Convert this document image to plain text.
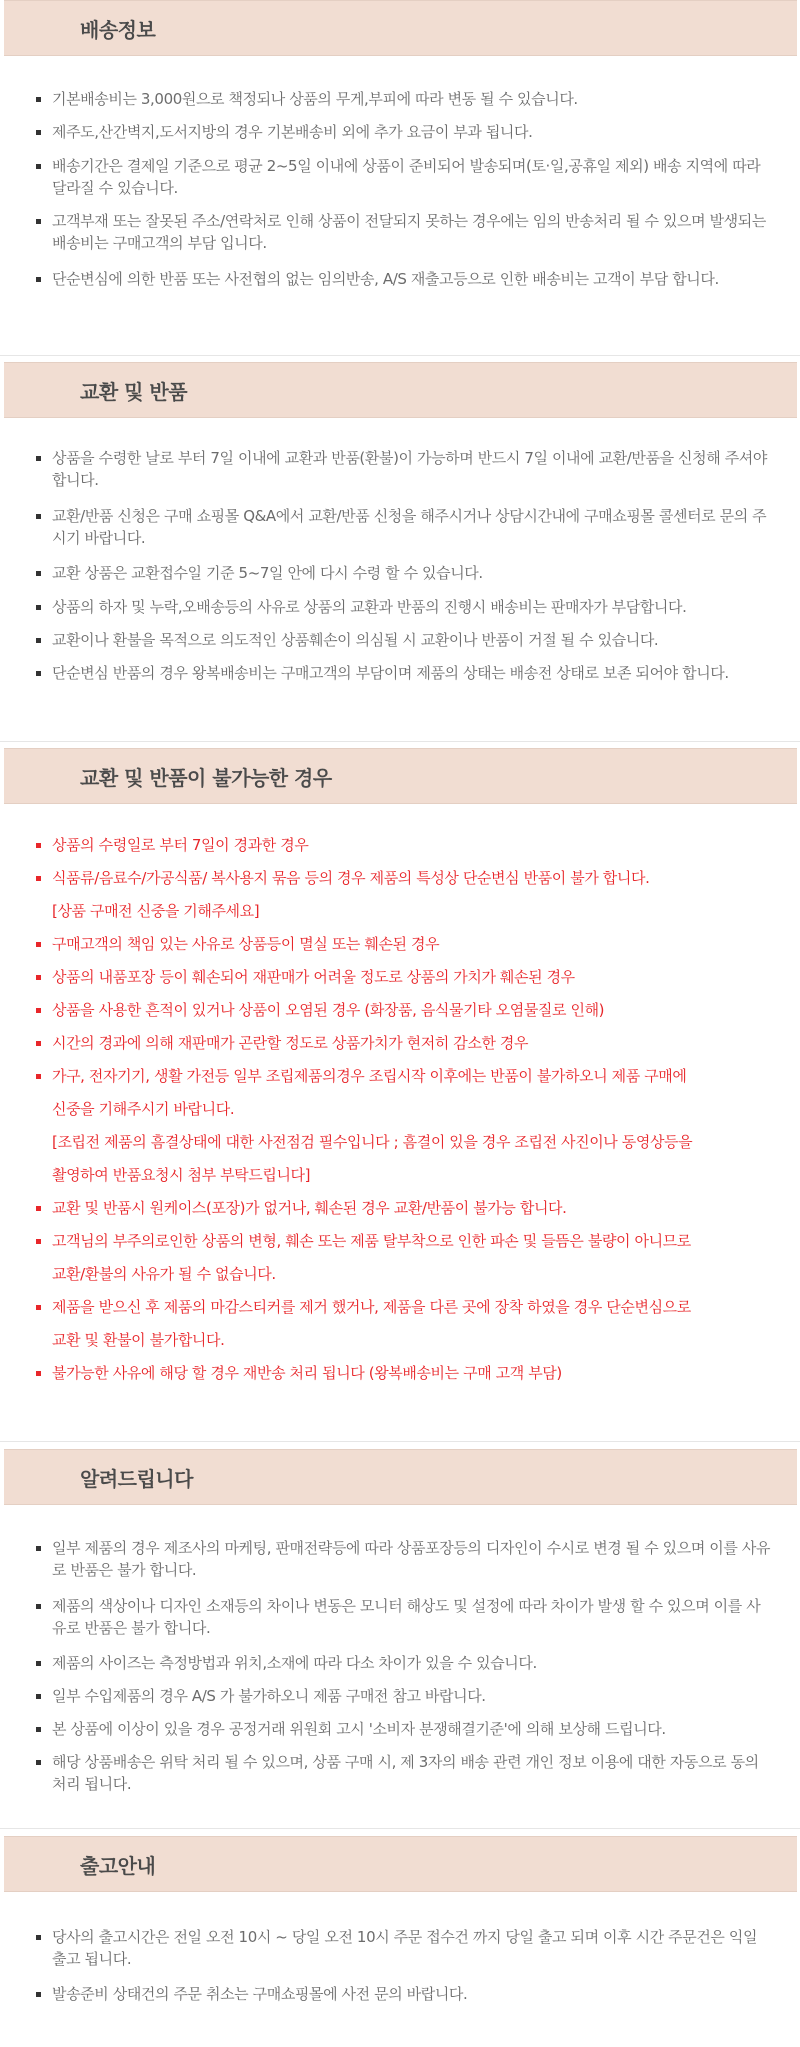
배송정보
기본배송비는 3,000원으로 책정되나 상품의 무게,부피에 따라 변동 될 수 있습니다.
제주도,산간벽지,도서지방의 경우 기본배송비 외에 추가 요금이 부과 됩니다.
배송기간은 결제일 기준으로 평균 2~5일 이내에 상품이 준비되어 발송되며(토·일,공휴일 제외) 배송 지역에 따라 달라질 수 있습니다.
고객부재 또는 잘못된 주소/연락처로 인해 상품이 전달되지 못하는 경우에는 임의 반송처리 될 수 있으며 발생되는 배송비는 구매고객의 부담 입니다.
단순변심에 의한 반품 또는 사전협의 없는 임의반송, A/S 재출고등으로 인한 배송비는 고객이 부담 합니다.
교환 및 반품
상품을 수령한 날로 부터 7일 이내에 교환과 반품(환불)이 가능하며 반드시 7일 이내에 교환/반품을 신청해 주셔야 합니다.
교환/반품 신청은 구매 쇼핑몰 Q&A에서 교환/반품 신청을 해주시거나 상담시간내에 구매쇼핑몰 콜센터로 문의 주시기 바랍니다.
교환 상품은 교환접수일 기준 5~7일 안에 다시 수령 할 수 있습니다.
상품의 하자 및 누락,오배송등의 사유로 상품의 교환과 반품의 진행시 배송비는 판매자가 부담합니다.
교환이나 환불을 목적으로 의도적인 상품훼손이 의심될 시 교환이나 반품이 거절 될 수 있습니다.
단순변심 반품의 경우 왕복배송비는 구매고객의 부담이며 제품의 상태는 배송전 상태로 보존 되어야 합니다.
교환 및 반품이 불가능한 경우
상품의 수령일로 부터 7일이 경과한 경우
식품류/음료수/가공식품/ 복사용지 묶음 등의 경우 제품의 특성상 단순변심 반품이 불가 합니다.
[상품 구매전 신중을 기해주세요]
구매고객의 책임 있는 사유로 상품등이 멸실 또는 훼손된 경우
상품의 내품포장 등이 훼손되어 재판매가 어려울 정도로 상품의 가치가 훼손된 경우
상품을 사용한 흔적이 있거나 상품이 오염된 경우 (화장품, 음식물기타 오염물질로 인해)
시간의 경과에 의해 재판매가 곤란할 정도로 상품가치가 현저히 감소한 경우
가구, 전자기기, 생활 가전등 일부 조립제품의경우 조립시작 이후에는 반품이 불가하오니 제품 구매에
신중을 기해주시기 바랍니다.
[조립전 제품의 흠결상태에 대한 사전점검 필수입니다 ; 흠결이 있을 경우 조립전 사진이나 동영상등을
촬영하여 반품요청시 첨부 부탁드립니다]
교환 및 반품시 원케이스(포장)가 없거나, 훼손된 경우 교환/반품이 불가능 합니다.
고객님의 부주의로인한 상품의 변형, 훼손 또는 제품 탈부착으로 인한 파손 및 들뜸은 불량이 아니므로
교환/환불의 사유가 될 수 없습니다.
제품을 받으신 후 제품의 마감스티커를 제거 했거나, 제품을 다른 곳에 장착 하였을 경우 단순변심으로
교환 및 환불이 불가합니다.
불가능한 사유에 해당 할 경우 재반송 처리 됩니다 (왕복배송비는 구매 고객 부담)
알려드립니다
일부 제품의 경우 제조사의 마케팅, 판매전략등에 따라 상품포장등의 디자인이 수시로 변경 될 수 있으며 이를 사유로 반품은 불가 합니다.
제품의 색상이나 디자인 소재등의 차이나 변동은 모니터 해상도 및 설정에 따라 차이가 발생 할 수 있으며 이를 사유로 반품은 불가 합니다.
제품의 사이즈는 측정방법과 위치,소재에 따라 다소 차이가 있을 수 있습니다.
일부 수입제품의 경우 A/S 가 불가하오니 제품 구매전 참고 바랍니다.
본 상품에 이상이 있을 경우 공정거래 위원회 고시 '소비자 분쟁해결기준'에 의해 보상해 드립니다.
해당 상품배송은 위탁 처리 될 수 있으며, 상품 구매 시, 제 3자의 배송 관련 개인 정보 이용에 대한 자동으로 동의 처리 됩니다.
출고안내
당사의 출고시간은 전일 오전 10시 ~ 당일 오전 10시 주문 접수건 까지 당일 출고 되며 이후 시간 주문건은 익일 출고 됩니다.
발송준비 상태건의 주문 취소는 구매쇼핑몰에 사전 문의 바랍니다.
